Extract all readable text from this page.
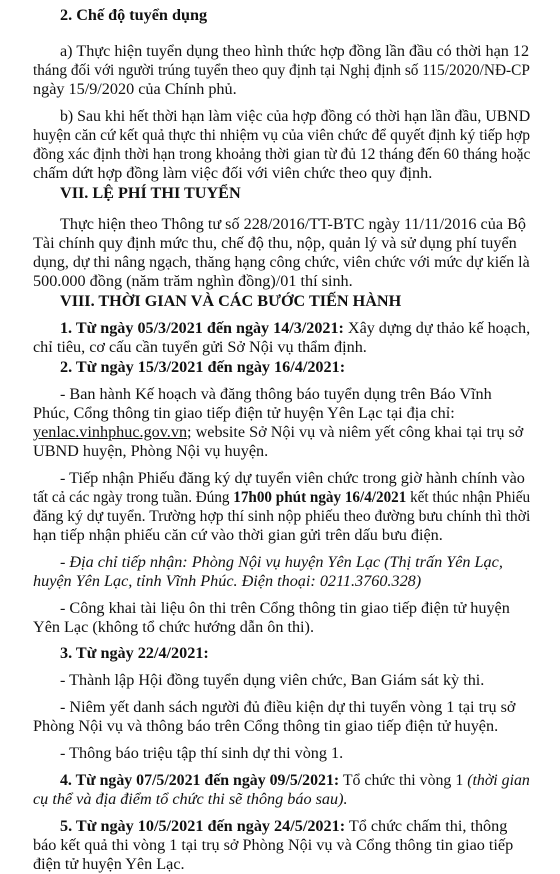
2. Chế độ tuyển dụng
a) Thực hiện tuyển dụng theo hình thức hợp đồng lần đầu có thời hạn 12
tháng đối với người trúng tuyển theo quy định tại Nghị định số 115/2020/NĐ-CP
ngày 15/9/2020 của Chính phủ.
b) Sau khi hết thời hạn làm việc của hợp đồng có thời hạn lần đầu, UBND
huyện căn cứ kết quả thực thi nhiệm vụ của viên chức để quyết định ký tiếp hợp
đồng xác định thời hạn trong khoảng thời gian từ đủ 12 tháng đến 60 tháng hoặc
chấm dứt hợp đồng làm việc đối với viên chức theo quy định.
VII. LỆ PHÍ THI TUYỂN
Thực hiện theo Thông tư số 228/2016/TT-BTC ngày 11/11/2016 của Bộ
Tài chính quy định mức thu, chế độ thu, nộp, quản lý và sử dụng phí tuyển
dụng, dự thi nâng ngạch, thăng hạng công chức, viên chức với mức dự kiến là
500.000 đồng (năm trăm nghìn đồng)/01 thí sinh.
VIII. THỜI GIAN VÀ CÁC BƯỚC TIẾN HÀNH
1. Từ ngày 05/3/2021 đến ngày 14/3/2021: Xây dựng dự thảo kế hoạch,
chỉ tiêu, cơ cấu cần tuyển gửi Sở Nội vụ thẩm định.
2. Từ ngày 15/3/2021 đến ngày 16/4/2021:
- Ban hành Kế hoạch và đăng thông báo tuyển dụng trên Báo Vĩnh
Phúc, Cổng thông tin giao tiếp điện tử huyện Yên Lạc tại địa chỉ:
yenlac.vinhphuc.gov.vn; website Sở Nội vụ và niêm yết công khai tại trụ sở
UBND huyện, Phòng Nội vụ huyện.
- Tiếp nhận Phiếu đăng ký dự tuyển viên chức trong giờ hành chính vào
tất cả các ngày trong tuần. Đúng 17h00 phút ngày 16/4/2021 kết thúc nhận Phiếu
đăng ký dự tuyển. Trường hợp thí sinh nộp phiếu theo đường bưu chính thì thời
hạn tiếp nhận phiếu căn cứ vào thời gian gửi trên dấu bưu điện.
- Địa chỉ tiếp nhận: Phòng Nội vụ huyện Yên Lạc (Thị trấn Yên Lạc,
huyện Yên Lạc, tỉnh Vĩnh Phúc. Điện thoại: 0211.3760.328)
- Công khai tài liệu ôn thi trên Cổng thông tin giao tiếp điện tử huyện
Yên Lạc (không tổ chức hướng dẫn ôn thi).
3. Từ ngày 22/4/2021:
- Thành lập Hội đồng tuyển dụng viên chức, Ban Giám sát kỳ thi.
- Niêm yết danh sách người đủ điều kiện dự thi tuyển vòng 1 tại trụ sở
Phòng Nội vụ và thông báo trên Cổng thông tin giao tiếp điện tử huyện.
- Thông báo triệu tập thí sinh dự thi vòng 1.
4. Từ ngày 07/5/2021 đến ngày 09/5/2021: Tổ chức thi vòng 1 (thời gian
cụ thể và địa điểm tổ chức thi sẽ thông báo sau).
5. Từ ngày 10/5/2021 đến ngày 24/5/2021: Tổ chức chấm thi, thông
báo kết quả thi vòng 1 tại trụ sở Phòng Nội vụ và Cổng thông tin giao tiếp
điện tử huyện Yên Lạc.
